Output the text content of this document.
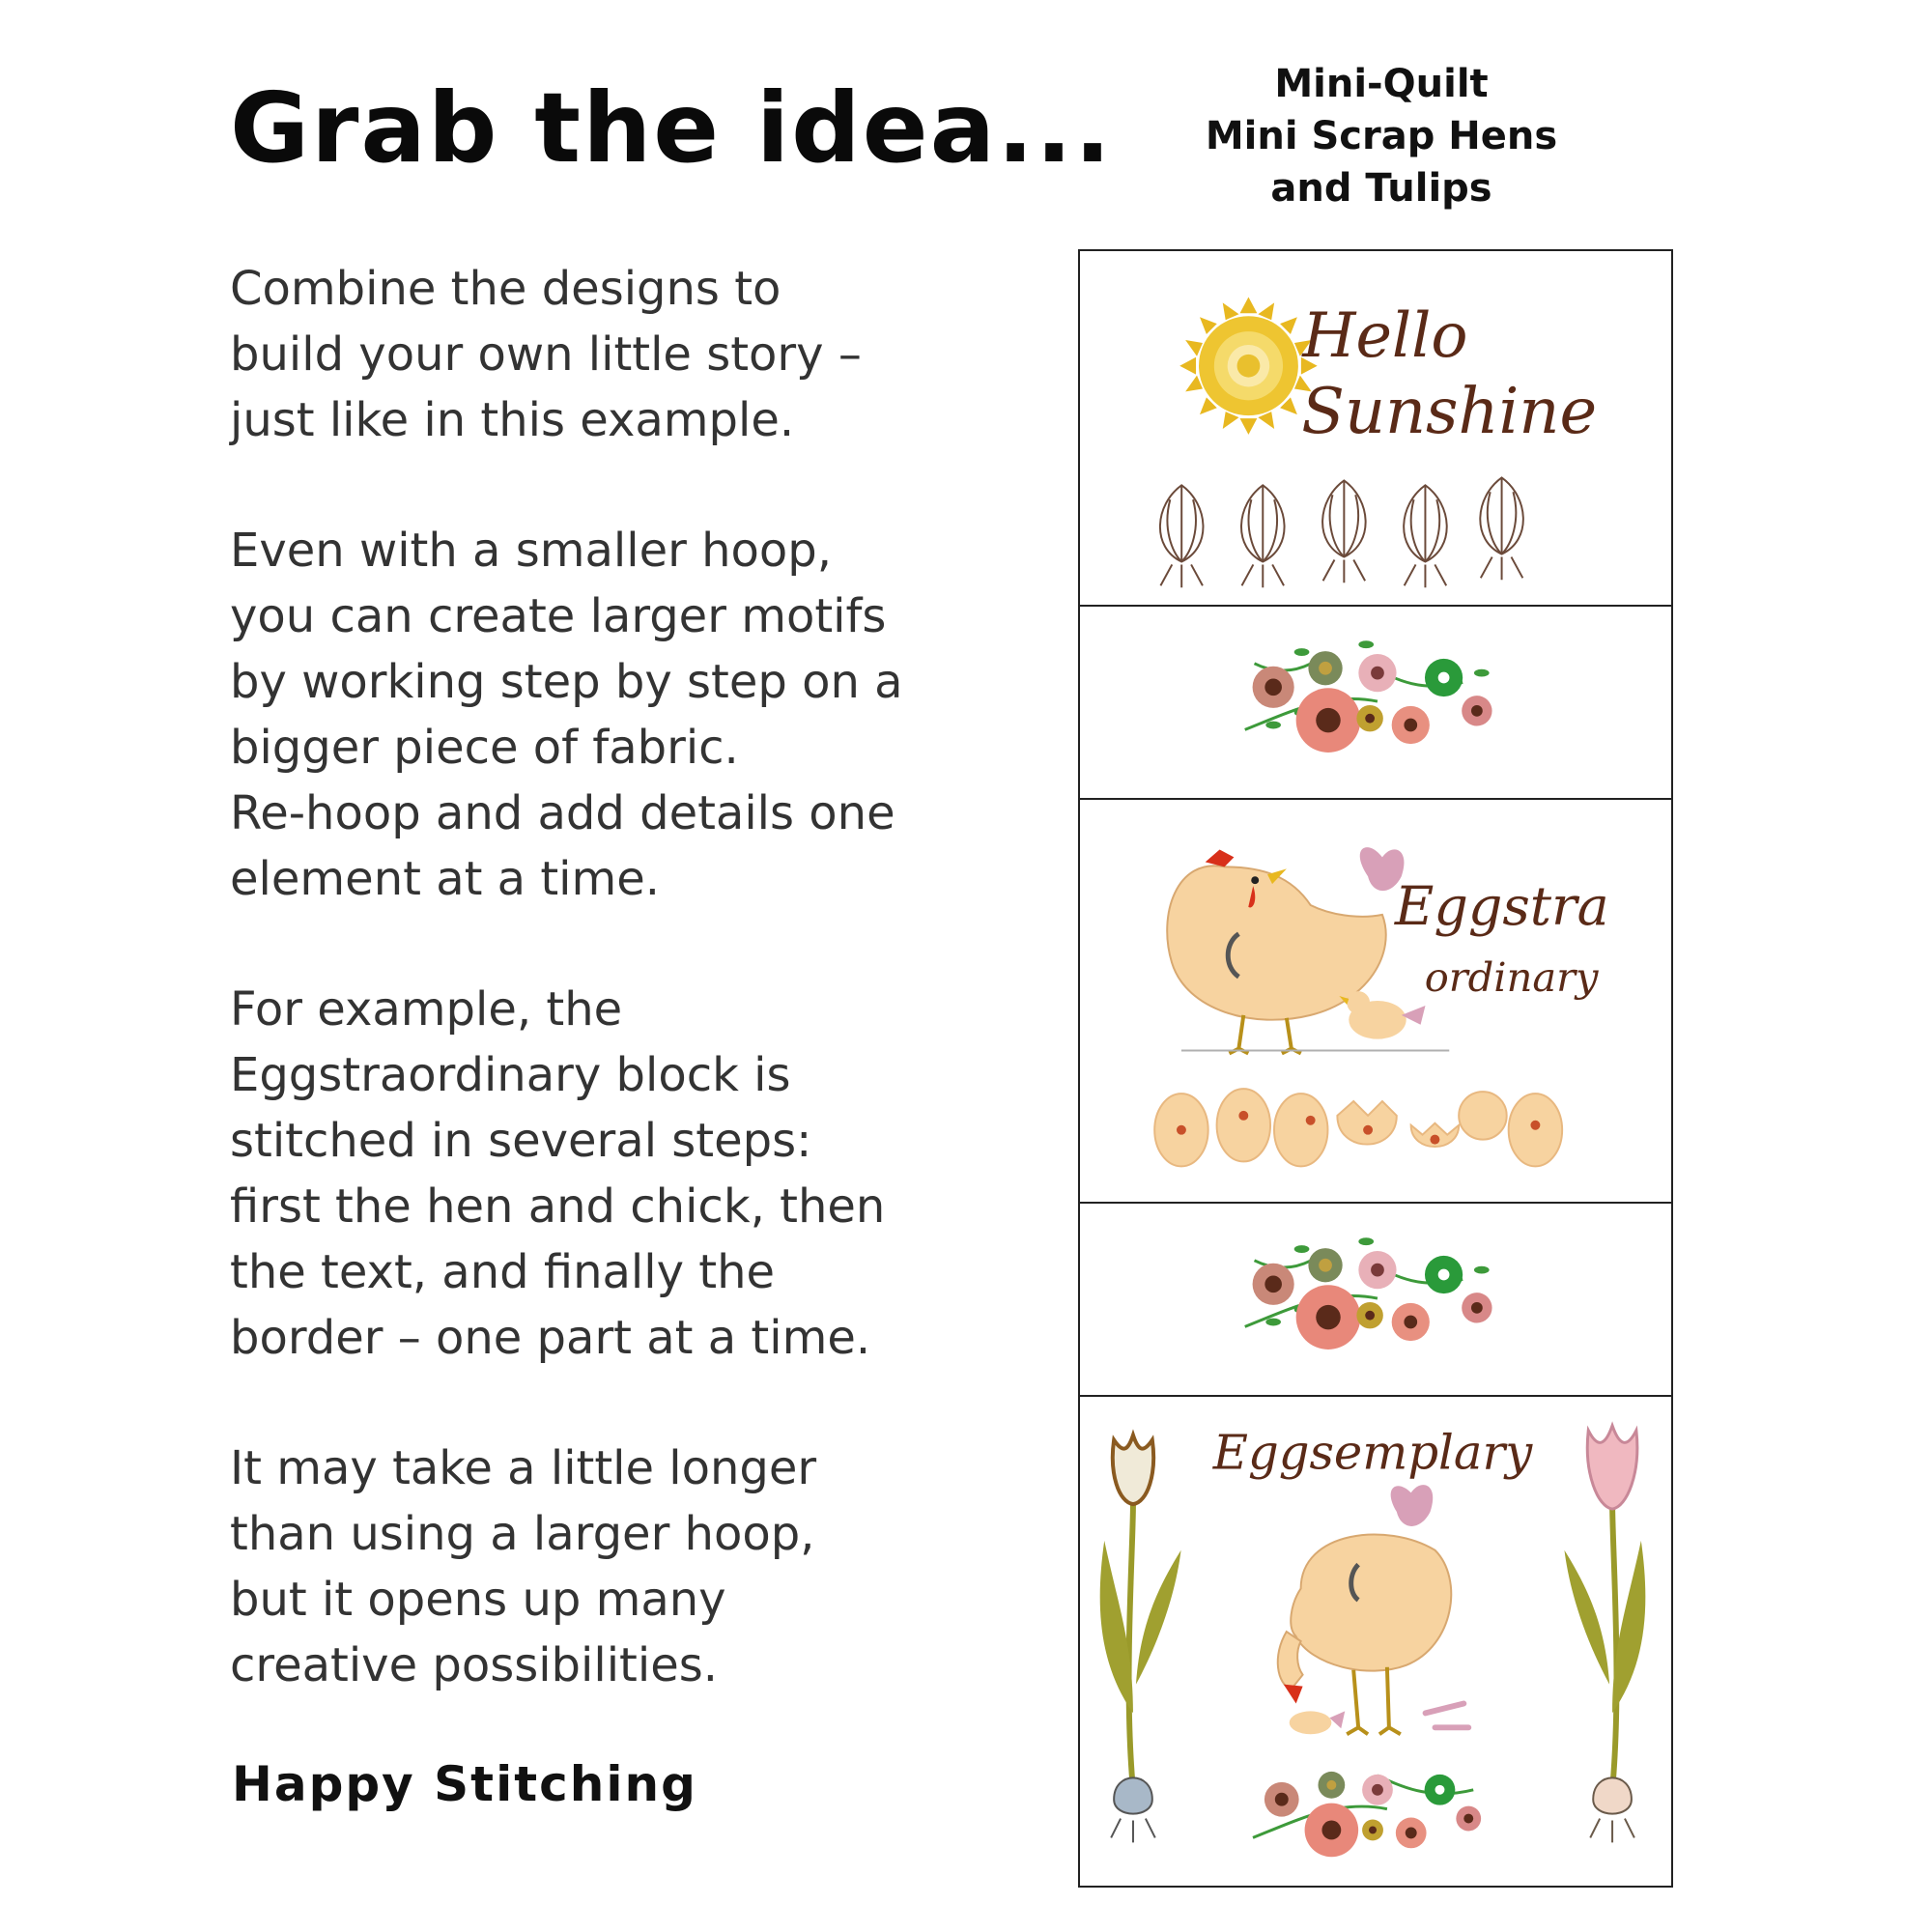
Grab the idea...

Combine the designs to
build your own little story –
just like in this example.

Even with a smaller hoop,
you can create larger motifs
by working step by step on a
bigger piece of fabric.
Re-hoop and add details one
element at a time.

For example, the
Eggstraordinary block is
stitched in several steps:
first the hen and chick, then
the text, and finally the
border – one part at a time.

It may take a little longer
than using a larger hoop,
but it opens up many
creative possibilities.

Happy Stitching

Mini-Quilt
Mini Scrap Hens
and Tulips

Hello
Sunshine
Eggstra
ordinary
Eggsemplary
